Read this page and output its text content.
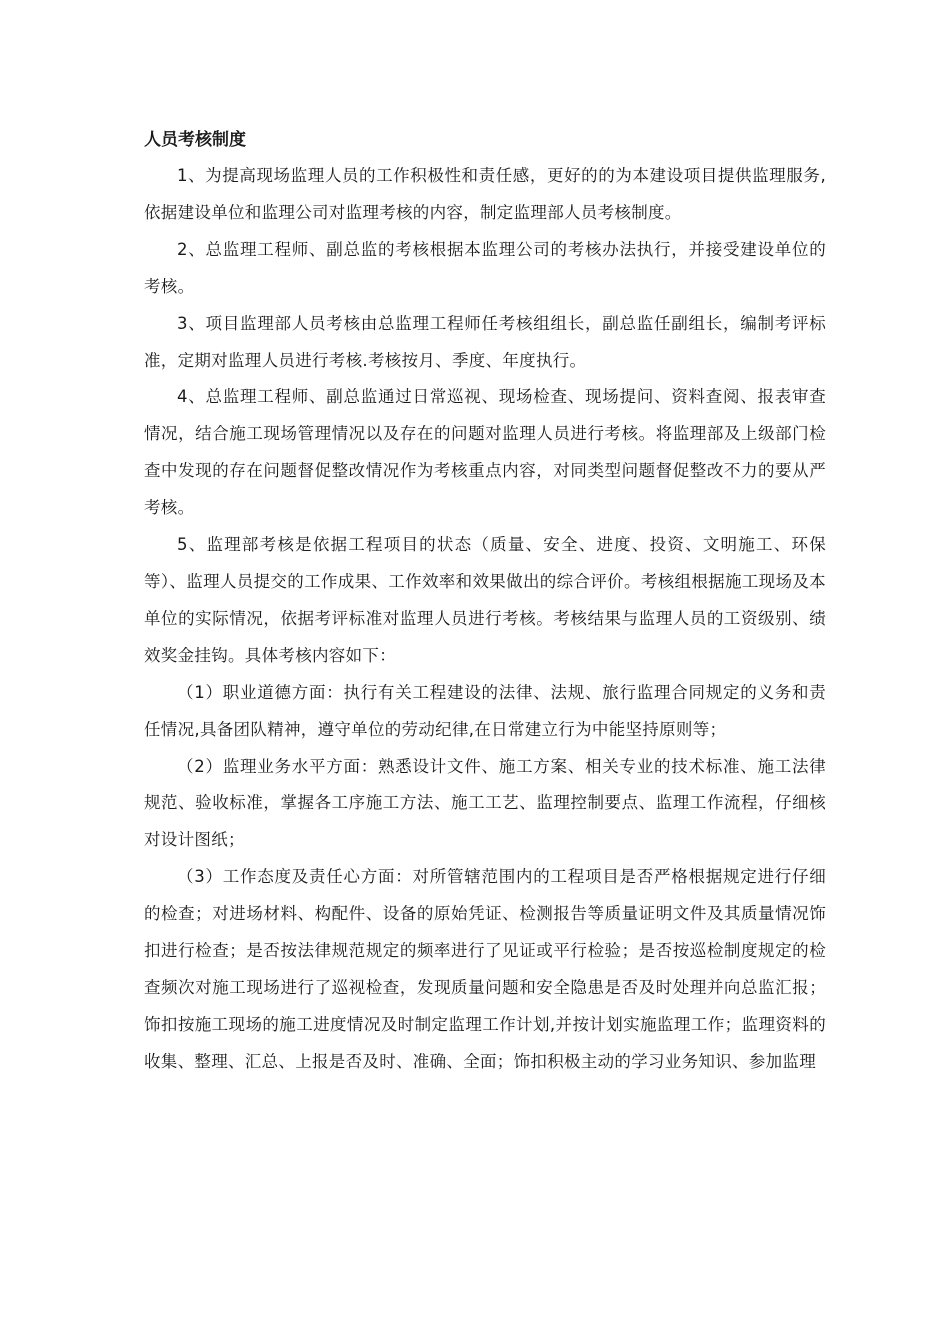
人员考核制度

1、为提高现场监理人员的工作积极性和责任感，更好的的为本建设项目提供监理服务,依据建设单位和监理公司对监理考核的内容，制定监理部人员考核制度。

2、总监理工程师、副总监的考核根据本监理公司的考核办法执行，并接受建设单位的考核。

3、项目监理部人员考核由总监理工程师任考核组组长，副总监任副组长，编制考评标准，定期对监理人员进行考核.考核按月、季度、年度执行。

4、总监理工程师、副总监通过日常巡视、现场检查、现场提问、资料查阅、报表审查情况，结合施工现场管理情况以及存在的问题对监理人员进行考核。将监理部及上级部门检查中发现的存在问题督促整改情况作为考核重点内容，对同类型问题督促整改不力的要从严考核。

5、监理部考核是依据工程项目的状态（质量、安全、进度、投资、文明施工、环保等）、监理人员提交的工作成果、工作效率和效果做出的综合评价。考核组根据施工现场及本单位的实际情况，依据考评标准对监理人员进行考核。考核结果与监理人员的工资级别、绩效奖金挂钩。具体考核内容如下：

（1）职业道德方面：执行有关工程建设的法律、法规、旅行监理合同规定的义务和责任情况,具备团队精神，遵守单位的劳动纪律,在日常建立行为中能坚持原则等；

（2）监理业务水平方面：熟悉设计文件、施工方案、相关专业的技术标准、施工法律规范、验收标准，掌握各工序施工方法、施工工艺、监理控制要点、监理工作流程，仔细核对设计图纸；

（3）工作态度及责任心方面：对所管辖范围内的工程项目是否严格根据规定进行仔细的检查；对进场材料、构配件、设备的原始凭证、检测报告等质量证明文件及其质量情况饰扣进行检查；是否按法律规范规定的频率进行了见证或平行检验；是否按巡检制度规定的检查频次对施工现场进行了巡视检查，发现质量问题和安全隐患是否及时处理并向总监汇报；饰扣按施工现场的施工进度情况及时制定监理工作计划,并按计划实施监理工作；监理资料的收集、整理、汇总、上报是否及时、准确、全面；饰扣积极主动的学习业务知识、参加监理
